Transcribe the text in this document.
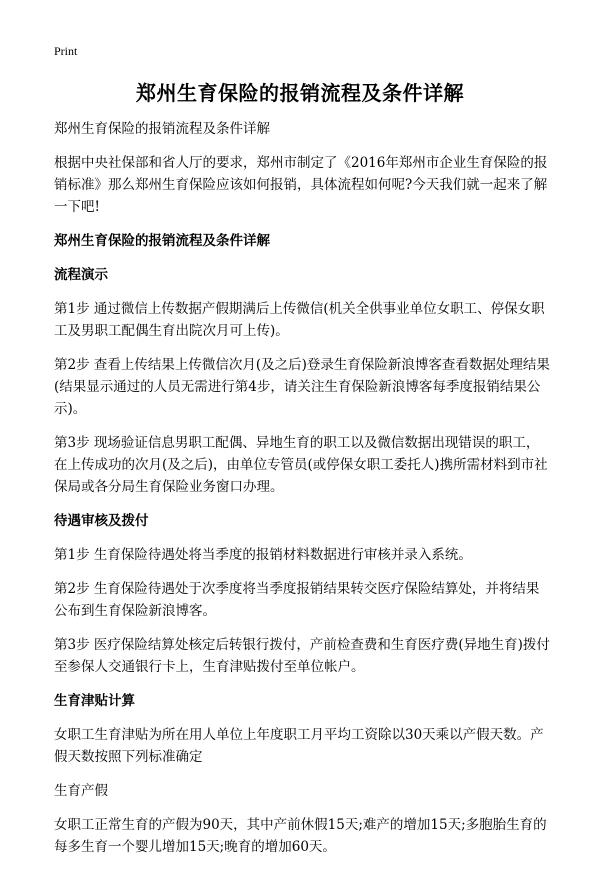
Print
郑州生育保险的报销流程及条件详解

郑州生育保险的报销流程及条件详解

根据中央社保部和省人厅的要求，郑州市制定了《2016年郑州市企业生育保险的报销标准》那么郑州生育保险应该如何报销，具体流程如何呢?今天我们就一起来了解一下吧!

郑州生育保险的报销流程及条件详解

流程演示

第1步 通过微信上传数据产假期满后上传微信(机关全供事业单位女职工、停保女职工及男职工配偶生育出院次月可上传)。

第2步 查看上传结果上传微信次月(及之后)登录生育保险新浪博客查看数据处理结果(结果显示通过的人员无需进行第4步，请关注生育保险新浪博客每季度报销结果公示)。

第3步 现场验证信息男职工配偶、异地生育的职工以及微信数据出现错误的职工，在上传成功的次月(及之后)，由单位专管员(或停保女职工委托人)携所需材料到市社保局或各分局生育保险业务窗口办理。

待遇审核及拨付

第1步 生育保险待遇处将当季度的报销材料数据进行审核并录入系统。

第2步 生育保险待遇处于次季度将当季度报销结果转交医疗保险结算处，并将结果公布到生育保险新浪博客。

第3步 医疗保险结算处核定后转银行拨付，产前检查费和生育医疗费(异地生育)拨付至参保人交通银行卡上，生育津贴拨付至单位帐户。

生育津贴计算

女职工生育津贴为所在用人单位上年度职工月平均工资除以30天乘以产假天数。产假天数按照下列标准确定

生育产假

女职工正常生育的产假为90天，其中产前休假15天;难产的增加15天;多胞胎生育的每多生育一个婴儿增加15天;晚育的增加60天。
